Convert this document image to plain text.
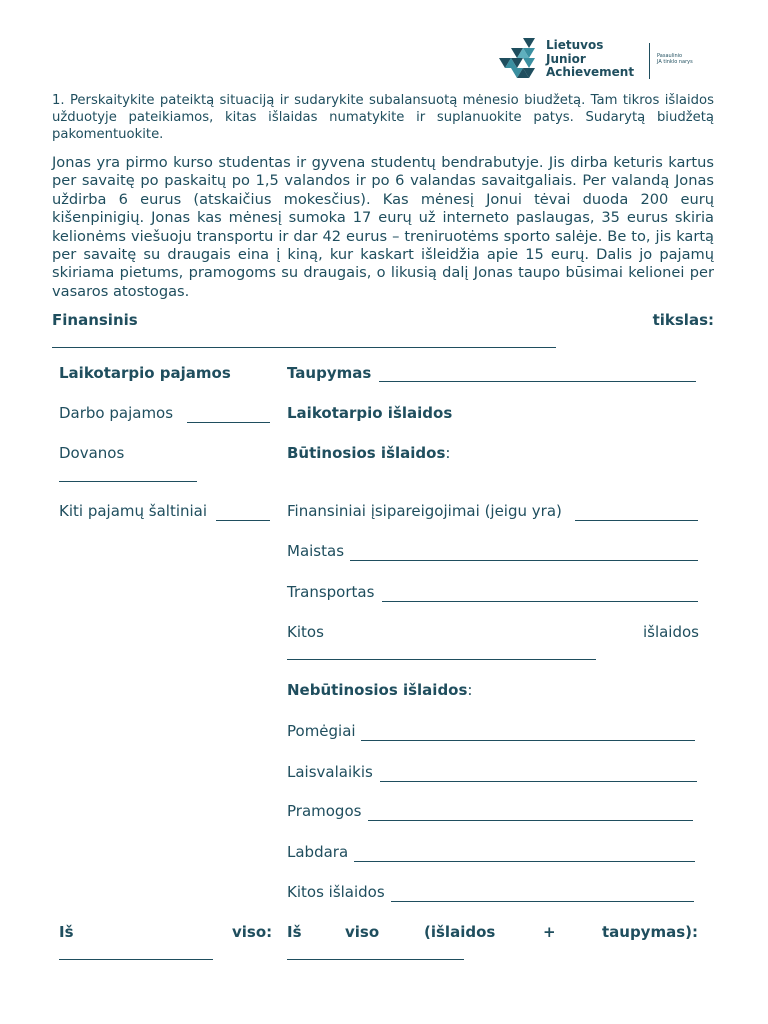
Lietuvos
Junior
Achievement
Pasaulinio
JA tinklo narys
1. Perskaitykite pateiktą situaciją ir sudarykite subalansuotą mėnesio biudžetą. Tam tikros išlaidos užduotyje pateikiamos, kitas išlaidas numatykite ir suplanuokite patys. Sudarytą biudžetą pakomentuokite.
Jonas yra pirmo kurso studentas ir gyvena studentų bendrabutyje. Jis dirba keturis kartus per savaitę po paskaitų po 1,5 valandos ir po 6 valandas savaitgaliais. Per valandą Jonas uždirba 6 eurus (atskaičius mokesčius). Kas mėnesį Jonui tėvai duoda 200 eurų kišenpinigių. Jonas kas mėnesį sumoka 17 eurų už interneto paslaugas, 35 eurus skiria kelionėms viešuoju transportu ir dar 42 eurus – treniruotėms sporto salėje. Be to, jis kartą per savaitę su draugais eina į kiną, kur kaskart išleidžia apie 15 eurų. Dalis jo pajamų skiriama pietums, pramogoms su draugais, o likusią dalį Jonas taupo būsimai kelionei per vasaros atostogas.
Finansinis	tikslas:
Laikotarpio pajamos
Darbo pajamos
Dovanos
Kiti pajamų šaltiniai
Iš	viso:
Taupymas
Laikotarpio išlaidos
Būtinosios išlaidos:
Finansiniai įsipareigojimai (jeigu yra)
Maistas
Transportas
Kitos	išlaidos
Nebūtinosios išlaidos:
Pomėgiai
Laisvalaikis
Pramogos
Labdara
Kitos išlaidos
Iš	viso	(išlaidos	+	taupymas):
